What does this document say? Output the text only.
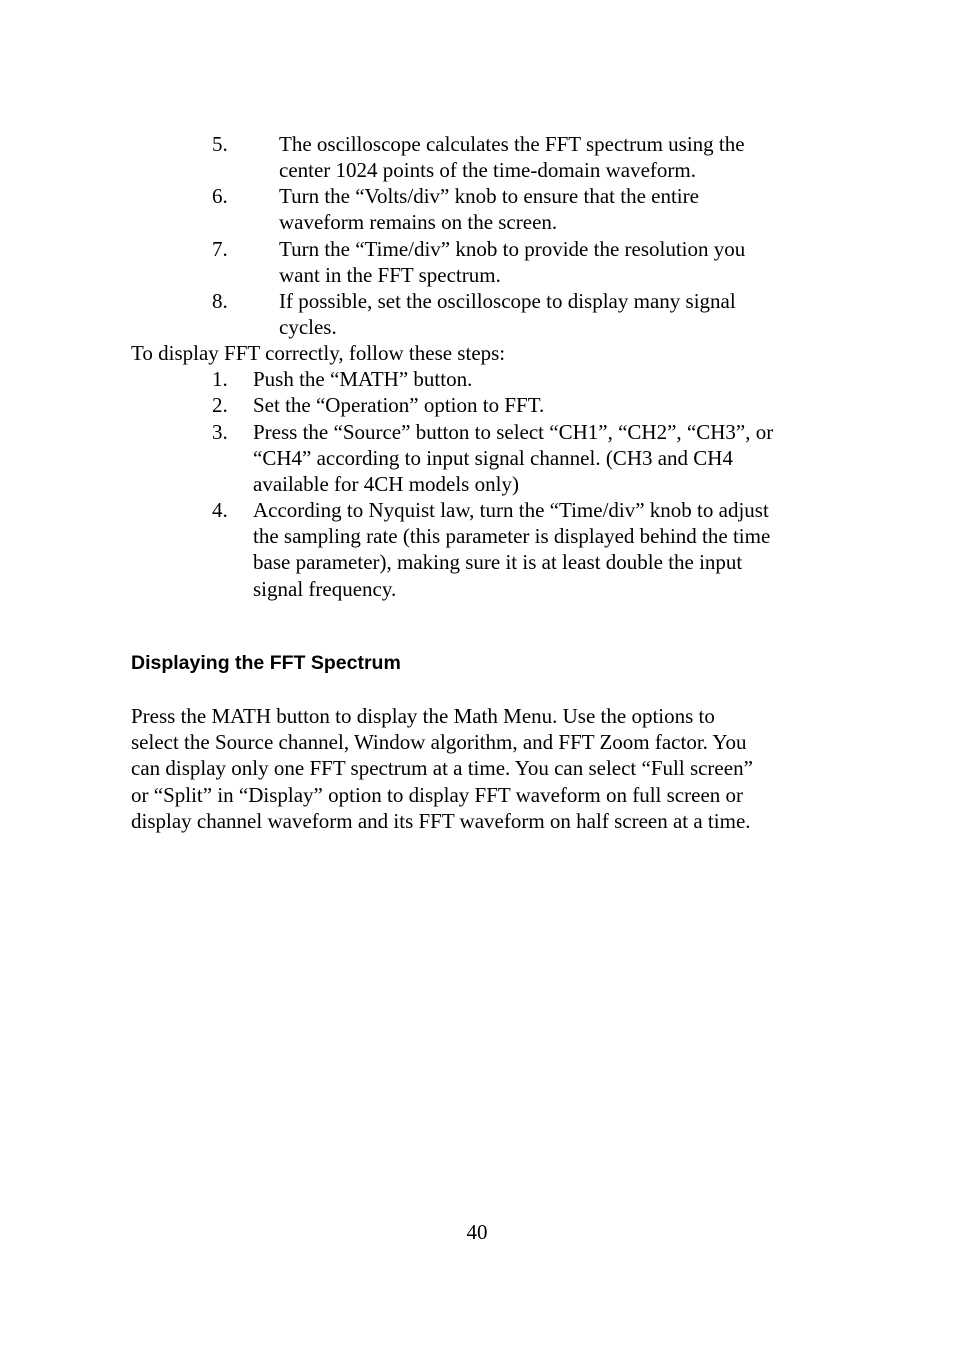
5. The oscilloscope calculates the FFT spectrum using the
center 1024 points of the time-domain waveform.
6. Turn the “Volts/div” knob to ensure that the entire
waveform remains on the screen.
7. Turn the “Time/div” knob to provide the resolution you
want in the FFT spectrum.
8. If possible, set the oscilloscope to display many signal
cycles.
To display FFT correctly, follow these steps:
1. Push the “MATH” button.
2. Set the “Operation” option to FFT.
3. Press the “Source” button to select “CH1”, “CH2”, “CH3”, or
“CH4” according to input signal channel. (CH3 and CH4
available for 4CH models only)
4. According to Nyquist law, turn the “Time/div” knob to adjust
the sampling rate (this parameter is displayed behind the time
base parameter), making sure it is at least double the input
signal frequency.
Displaying the FFT Spectrum
Press the MATH button to display the Math Menu. Use the options to
select the Source channel, Window algorithm, and FFT Zoom factor. You
can display only one FFT spectrum at a time. You can select “Full screen”
or “Split” in “Display” option to display FFT waveform on full screen or
display channel waveform and its FFT waveform on half screen at a time.
40
